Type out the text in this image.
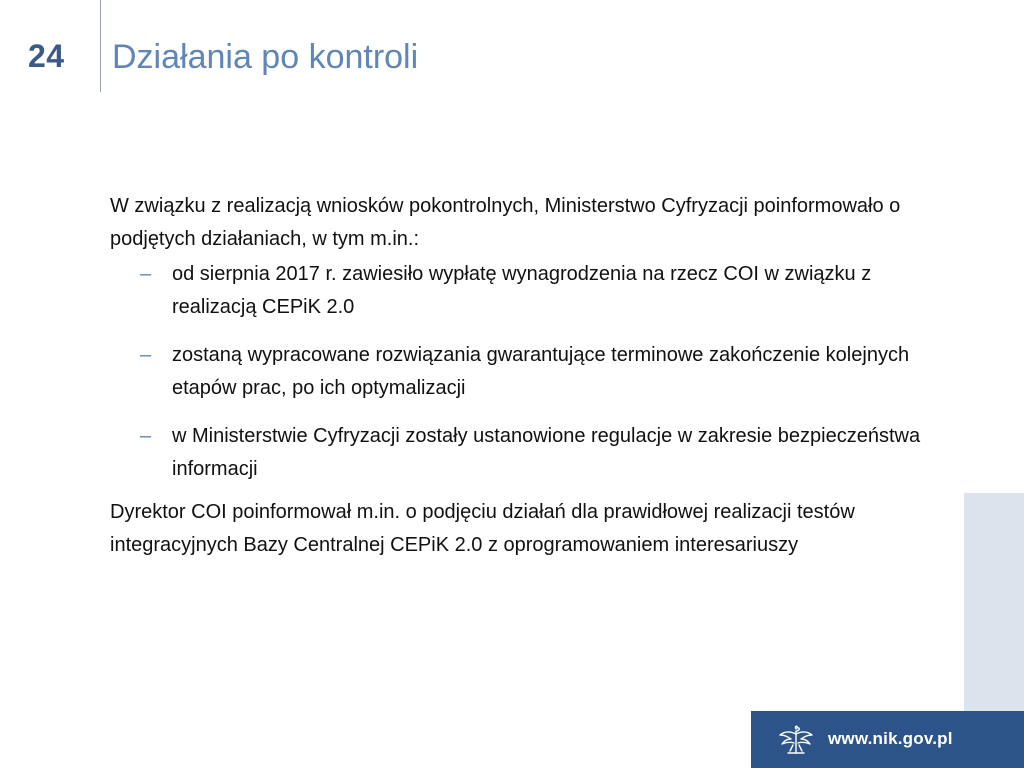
24	Działania po kontroli

W związku z realizacją wniosków pokontrolnych, Ministerstwo Cyfryzacji poinformowało o podjętych działaniach, w tym m.in.:

– od sierpnia 2017 r. zawiesiło wypłatę wynagrodzenia na rzecz COI w związku z realizacją CEPiK 2.0
– zostaną wypracowane rozwiązania gwarantujące terminowe zakończenie kolejnych etapów prac, po ich optymalizacji
– w Ministerstwie Cyfryzacji zostały ustanowione regulacje w zakresie bezpieczeństwa informacji

Dyrektor COI poinformował m.in. o podjęciu działań dla prawidłowej realizacji testów integracyjnych Bazy Centralnej CEPiK 2.0 z oprogramowaniem interesariuszy

www.nik.gov.pl
